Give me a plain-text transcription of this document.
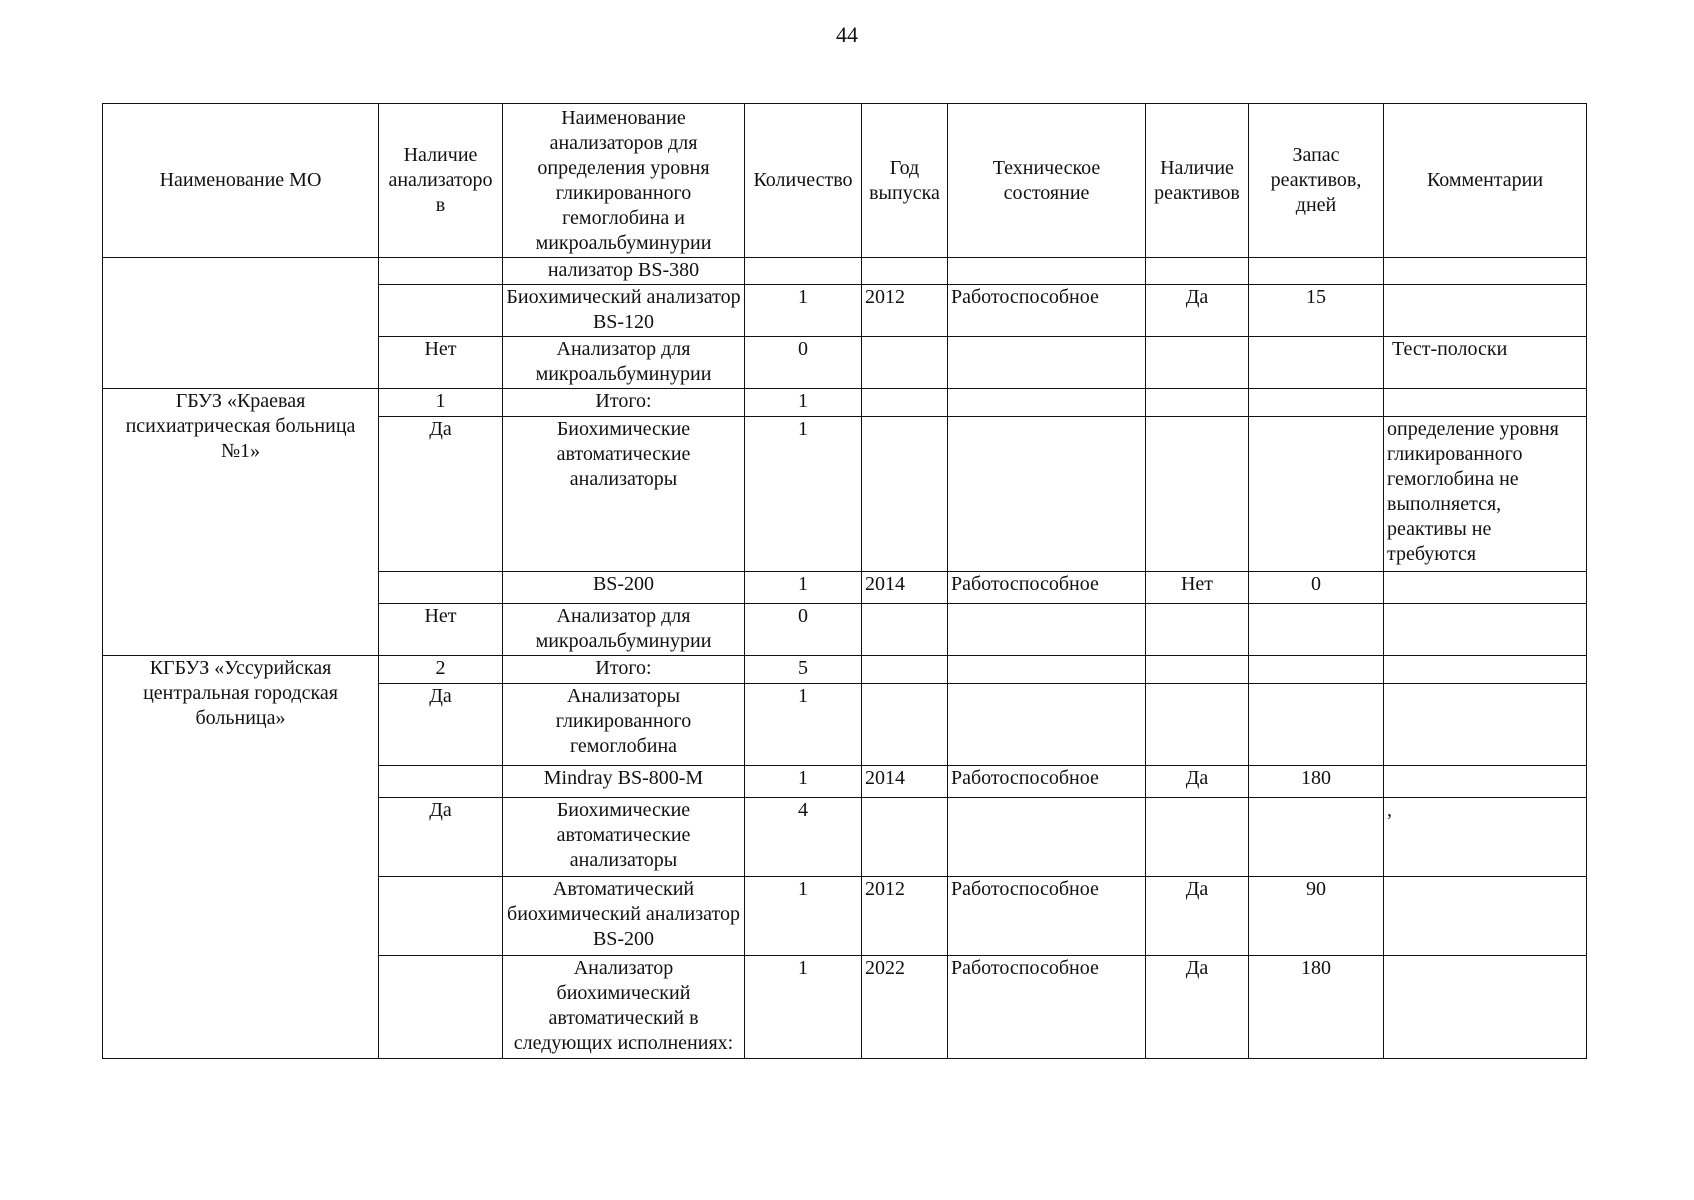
44
Наименование МО	Наличие анализаторо в	Наименование анализаторов для определения уровня гликированного гемоглобина и микроальбуминурии	Количество	Год выпуска	Техническое состояние	Наличие реактивов	Запас реактивов, дней	Комментарии
		нализатор BS-380						
		Биохимический анализатор BS-120	1	2012	Работоспособное	Да	15	
	Нет	Анализатор для микроальбуминурии	0					Тест-полоски
ГБУЗ «Краевая психиатрическая больница №1»	1	Итого:	1					
	Да	Биохимические автоматические анализаторы	1					определение уровня гликированного гемоглобина не выполняется, реактивы не требуются
		BS-200	1	2014	Работоспособное	Нет	0	
	Нет	Анализатор для микроальбуминурии	0					
КГБУЗ «Уссурийская центральная городская больница»	2	Итого:	5					
	Да	Анализаторы гликированного гемоглобина	1					
		Mindray BS-800-M	1	2014	Работоспособное	Да	180	
	Да	Биохимические автоматические анализаторы	4					,
		Автоматический биохимический анализатор BS-200	1	2012	Работоспособное	Да	90	
		Анализатор биохимический автоматический в следующих исполнениях:	1	2022	Работоспособное	Да	180	
